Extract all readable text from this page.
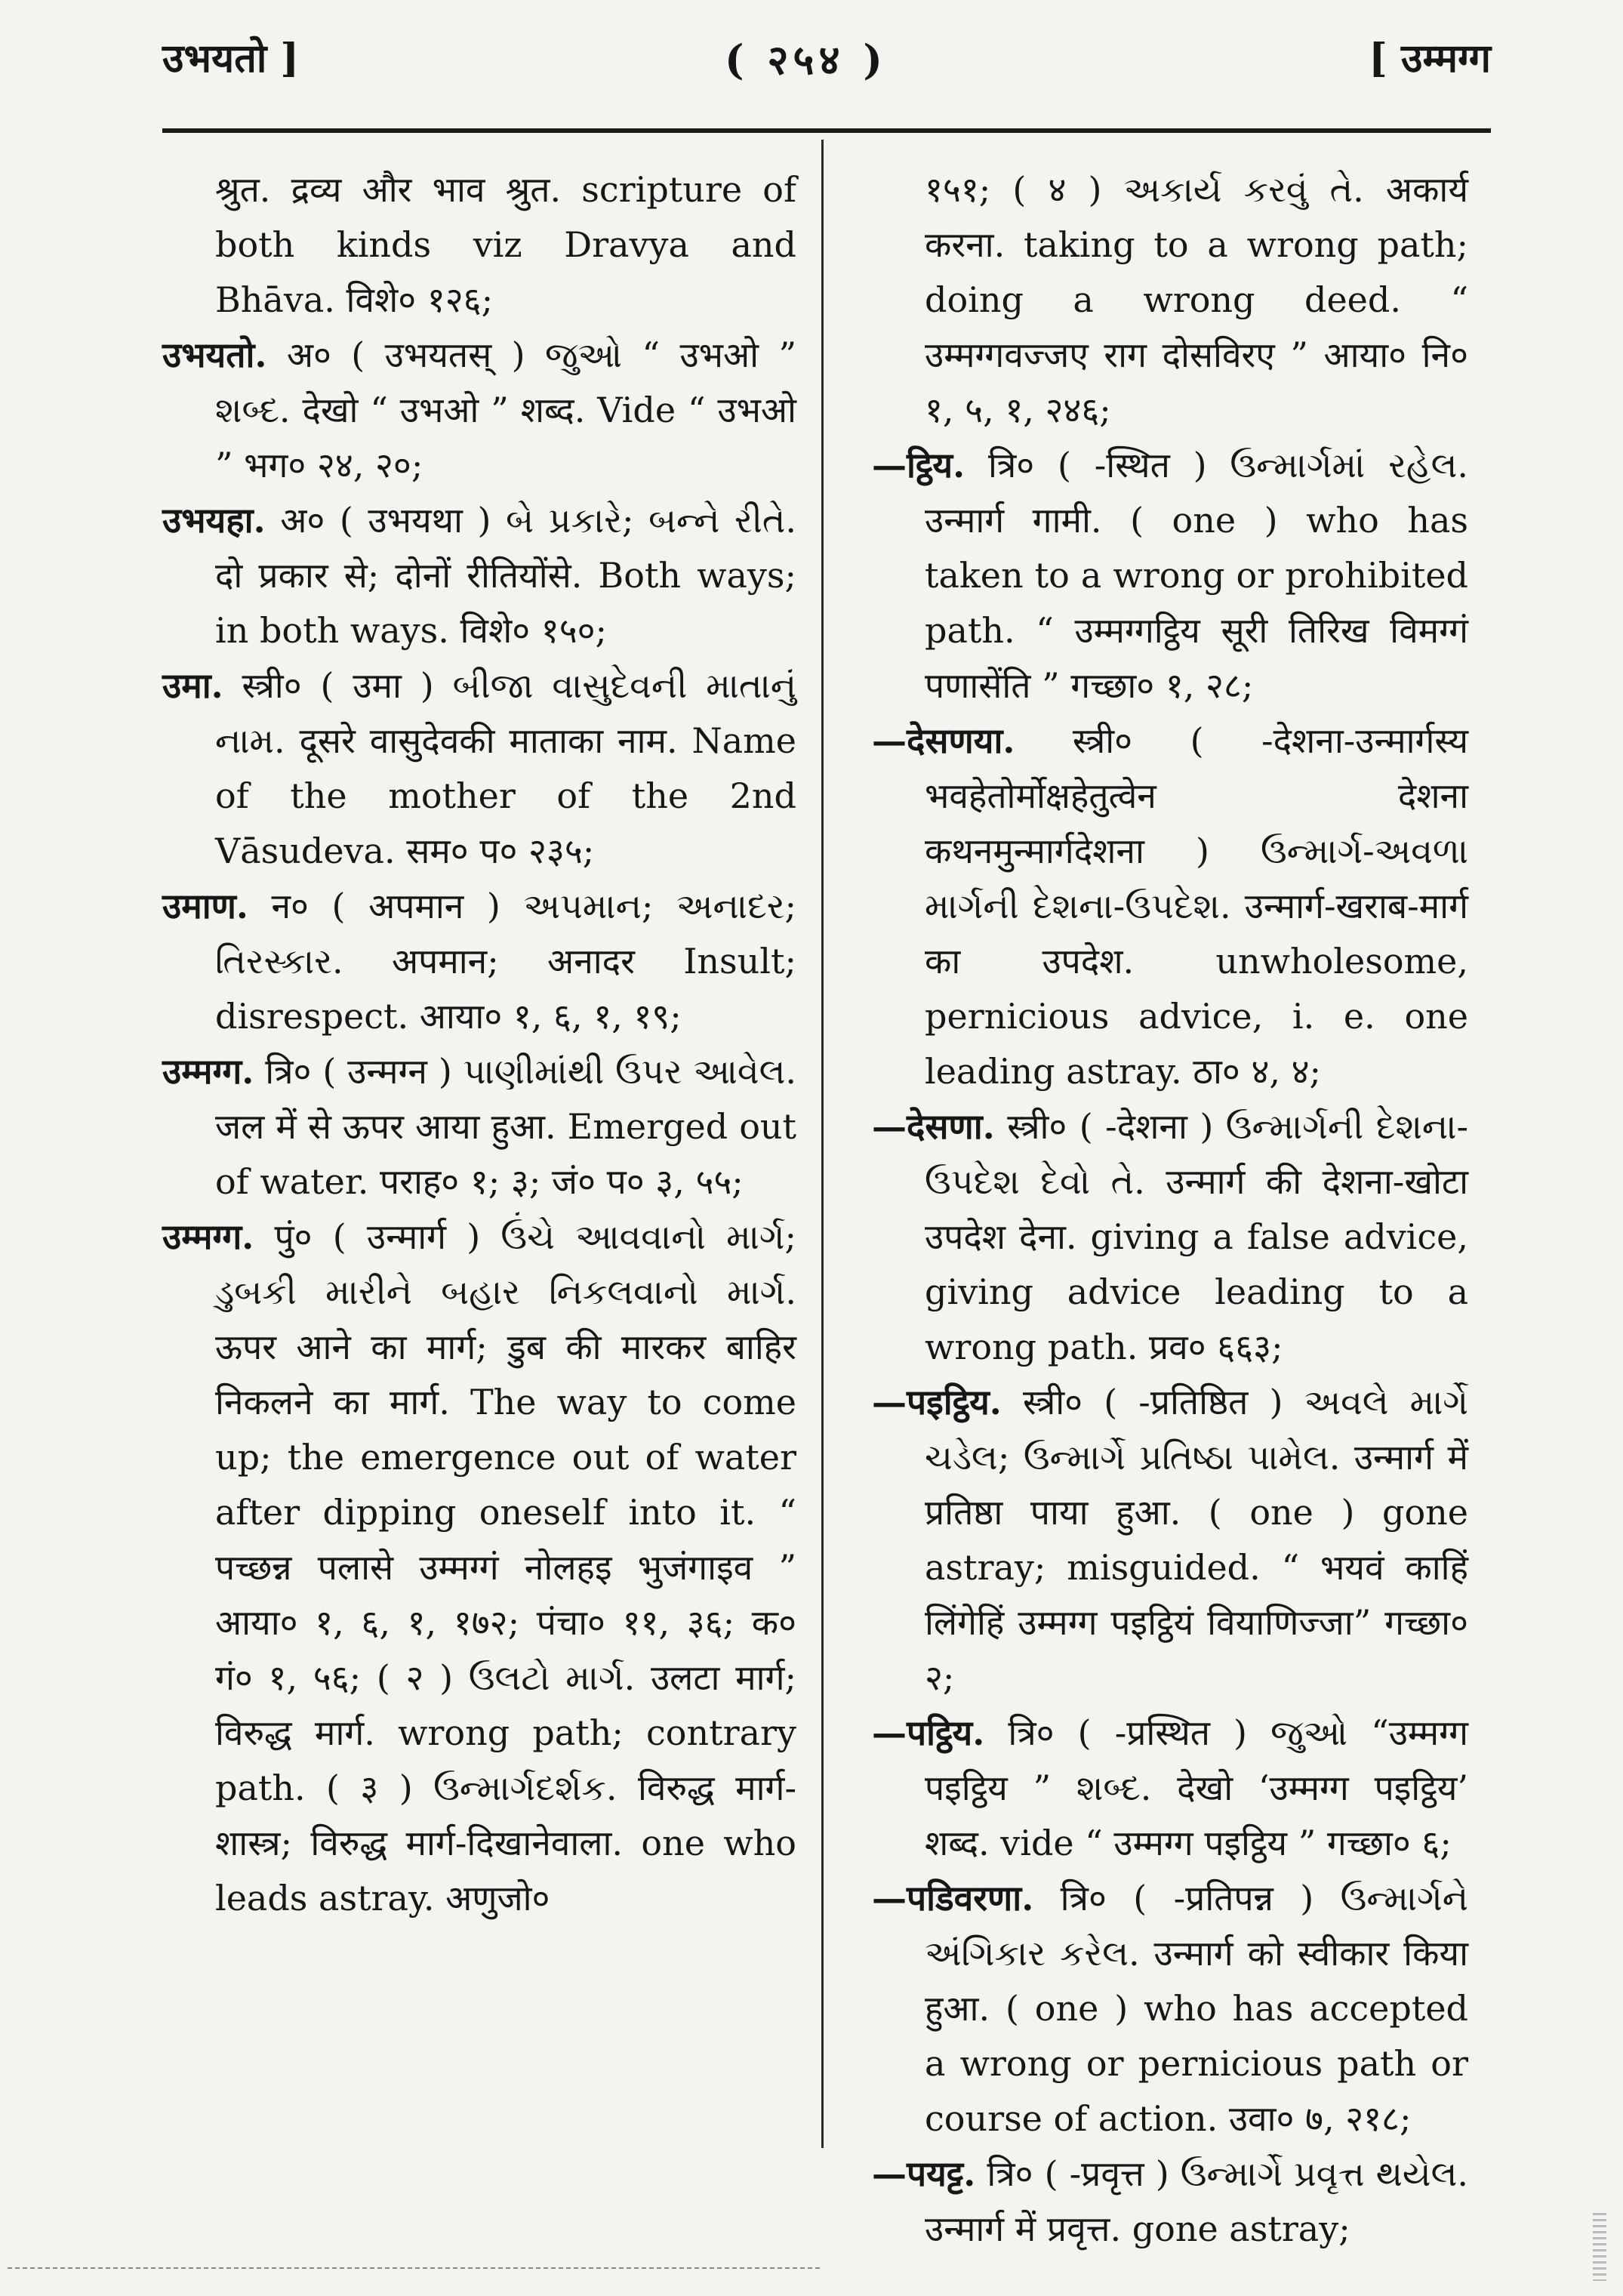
उभयतो ]	( २५४ )	[ उम्मग्ग

श्रुत. द्रव्य और भाव श्रुत. scripture of both kinds viz Dravya and Bhāva. विशे० १२६;

उभयतो. अ० ( उभयतस् ) જુઓ “ उभओ ” શબ્દ. देखो “ उभओ ” शब्द. Vide “ उभओ ” भग० २४, २०;

उभयहा. अ० ( उभयथा ) બે પ્રકારે; બન્ને રીતે. दो प्रकार से; दोनों रीतियोंसे. Both ways; in both ways. विशे० १५०;

उमा. स्त्री० ( उमा ) બીજા વાસુદેવની માતાનું નામ. दूसरे वासुदेवकी माताका नाम. Name of the mother of the 2nd Vāsudeva. सम० प० २३५;

उमाण. न० ( अपमान ) અપમાન; અનાદર; તિરસ્કાર. अपमान; अनादर Insult; disrespect. आया० १, ६, १, १९;

उम्मग्ग. त्रि० ( उन्मग्न ) પાણીમાંથી ઉપર આવેલ. जल में से ऊपर आया हुआ. Emerged out of water. पराह० १; ३; जं० प० ३, ५५;

उम्मग्ग. पुं० ( उन्मार्ग ) ઉંચે આવવાનો માર્ગ; ડુબકી મારીને બહાર નિકલવાનો માર્ગ. ऊपर आने का मार्ग; डुब की मारकर बाहिर निकलने का मार्ग. The way to come up; the emergence out of water after dipping oneself into it. “ पच्छन्न पलासे उम्मग्गं नोलहइ भुजंगाइव ” आया० १, ६, १, १७२; पंचा० ११, ३६; क० गं० १, ५६; ( २ ) ઉલટો માર્ગ. उलटा मार्ग; विरुद्ध मार्ग. wrong path; contrary path. ( ३ ) ઉન્માર્ગદર્શક. विरुद्ध मार्ग-शास्त्र; विरुद्ध मार्ग-दिखानेवाला. one who leads astray. अणुजो०

१५१; ( ४ ) અકાર્ય કરવું તે. अकार्य करना. taking to a wrong path; doing a wrong deed. “ उम्मग्गवज्जए राग दोसविरए ” आया० नि० १, ५, १, २४६;

—ट्ठिय. त्रि० ( -स्थित ) ઉન્માર્ગમાં રહેલ. उन्मार्ग गामी. ( one ) who has taken to a wrong or prohibited path. “ उम्मग्गट्ठिय सूरी तिरिख विमग्गं पणासेंति ” गच्छा० १, २८;

—देसणया. स्त्री० ( -देशना-उन्मार्गस्य भवहेतोर्मोक्षहेतुत्वेन देशना कथनमुन्मार्गदेशना ) ઉન્માર્ગ-અવળા માર્ગની દેશના-ઉપદેશ. उन्मार्ग-खराब-मार्ग का उपदेश. unwholesome, pernicious advice, i. e. one leading astray. ठा० ४, ४;

—देसणा. स्त्री० ( -देशना ) ઉન્માર્ગની દેશના-ઉપદેશ દેવો તે. उन्मार्ग की देशना-खोटा उपदेश देना. giving a false advice, giving advice leading to a wrong path. प्रव० ६६३;

—पइट्ठिय. स्त्री० ( -प्रतिष्ठित ) અવલે માર્ગે ચડેલ; ઉન્માર્ગે પ્રતિષ્ઠા પામેલ. उन्मार्ग में प्रतिष्ठा पाया हुआ. ( one ) gone astray; misguided. “ भयवं काहिं लिंगेहिं उम्मग्ग पइट्ठियं वियाणिज्जा” गच्छा० २;

—पट्ठिय. त्रि० ( -प्रस्थित ) જુઓ “उम्मग्ग पइट्ठिय ” શબ્દ. देखो ‘उम्मग्ग पइट्ठिय’ शब्द. vide “ उम्मग्ग पइट्ठिय ” गच्छा० ६;

—पडिवरणा. त्रि० ( -प्रतिपन्न ) ઉન્માર્ગને અંગિકાર કરેલ. उन्मार्ग को स्वीकार किया हुआ. ( one ) who has accepted a wrong or pernicious path or course of action. उवा० ७, २१८;

—पयट्ट. त्रि० ( -प्रवृत्त ) ઉન્માર્ગે પ્રવૃત્ત થયેલ. उन्मार्ग में प्रवृत्त. gone astray;
